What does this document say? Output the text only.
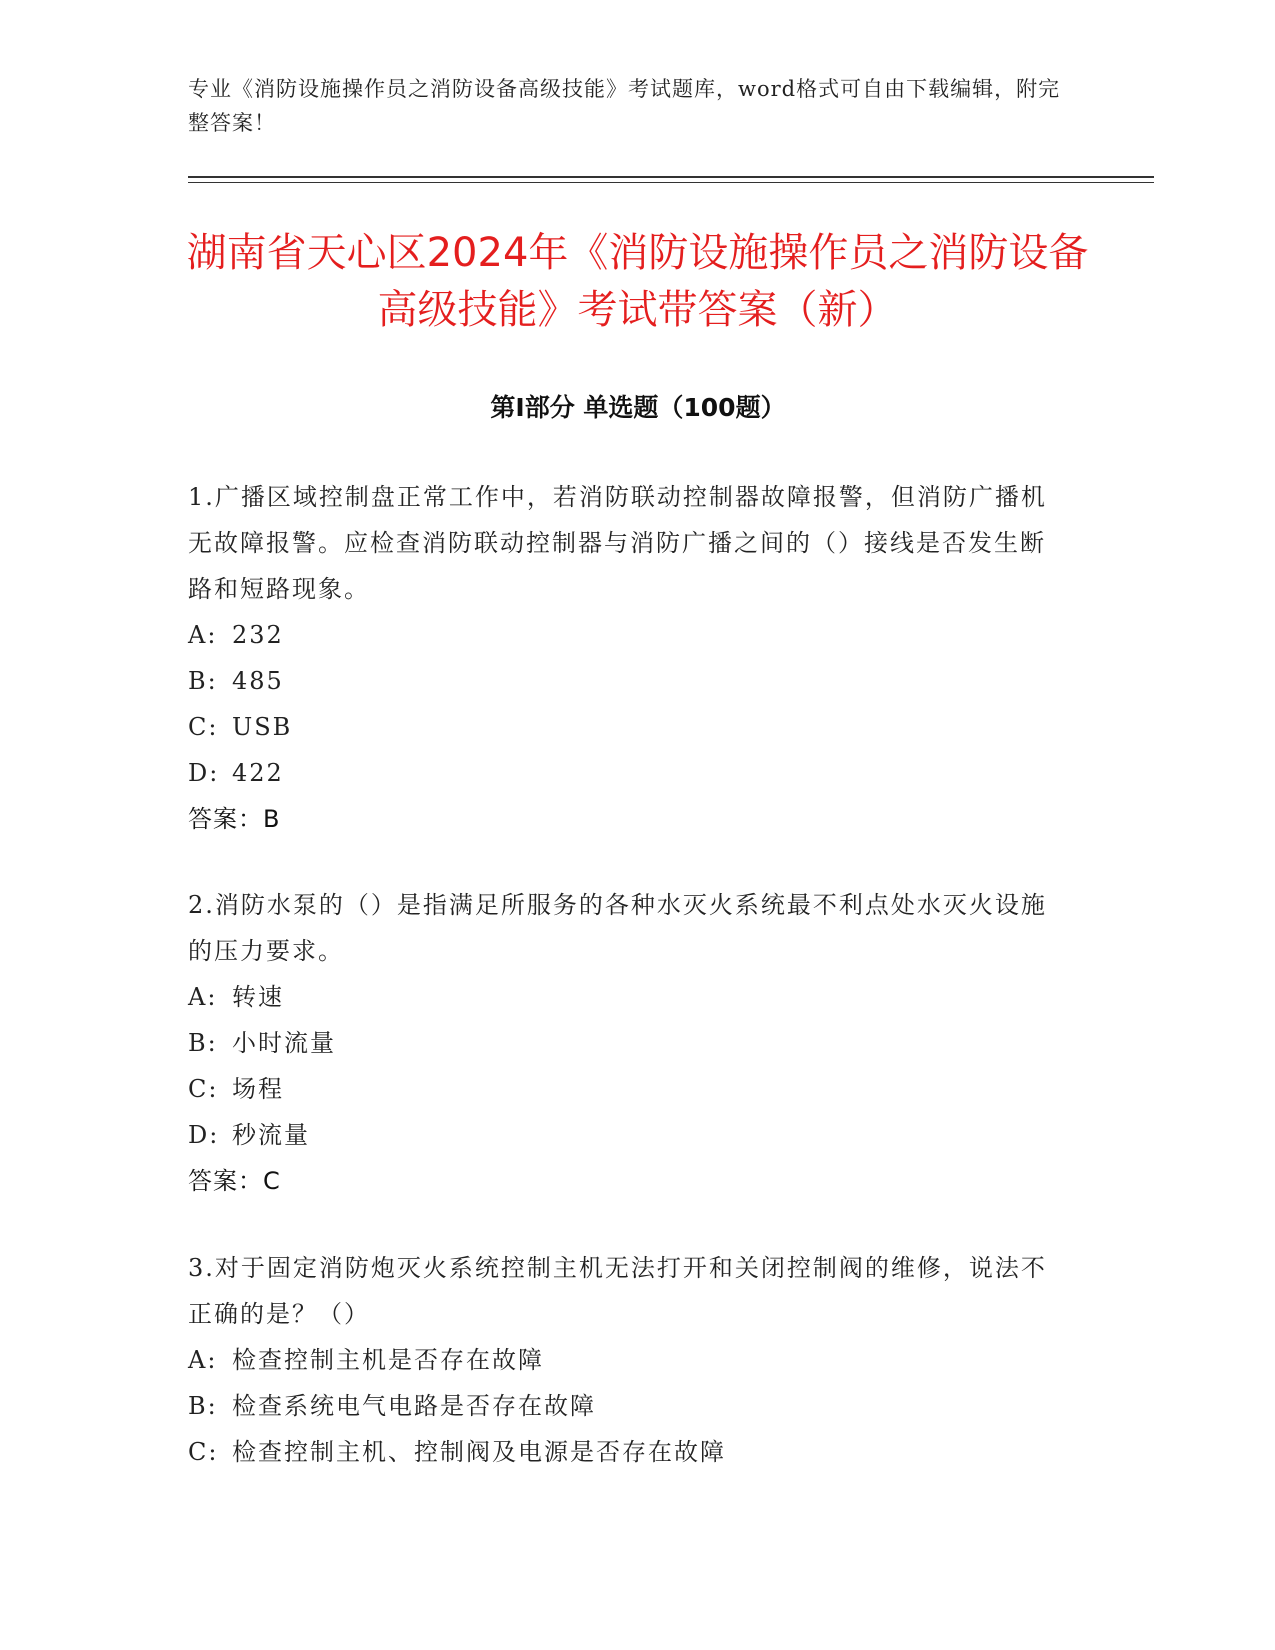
专业《消防设施操作员之消防设备高级技能》考试题库，word格式可自由下载编辑，附完整答案！
湖南省天心区2024年《消防设施操作员之消防设备高级技能》考试带答案（新）
第Ⅰ部分 单选题（100题）

1.广播区域控制盘正常工作中，若消防联动控制器故障报警，但消防广播机无故障报警。应检查消防联动控制器与消防广播之间的（）接线是否发生断路和短路现象。

A: 232

B: 485

C: USB

D: 422

答案：B

2.消防水泵的（）是指满足所服务的各种水灭火系统最不利点处水灭火设施的压力要求。

A: 转速

B: 小时流量

C: 场程

D: 秒流量

答案：C

3.对于固定消防炮灭火系统控制主机无法打开和关闭控制阀的维修，说法不正确的是？（）

A: 检查控制主机是否存在故障

B: 检查系统电气电路是否存在故障

C: 检查控制主机、控制阀及电源是否存在故障
